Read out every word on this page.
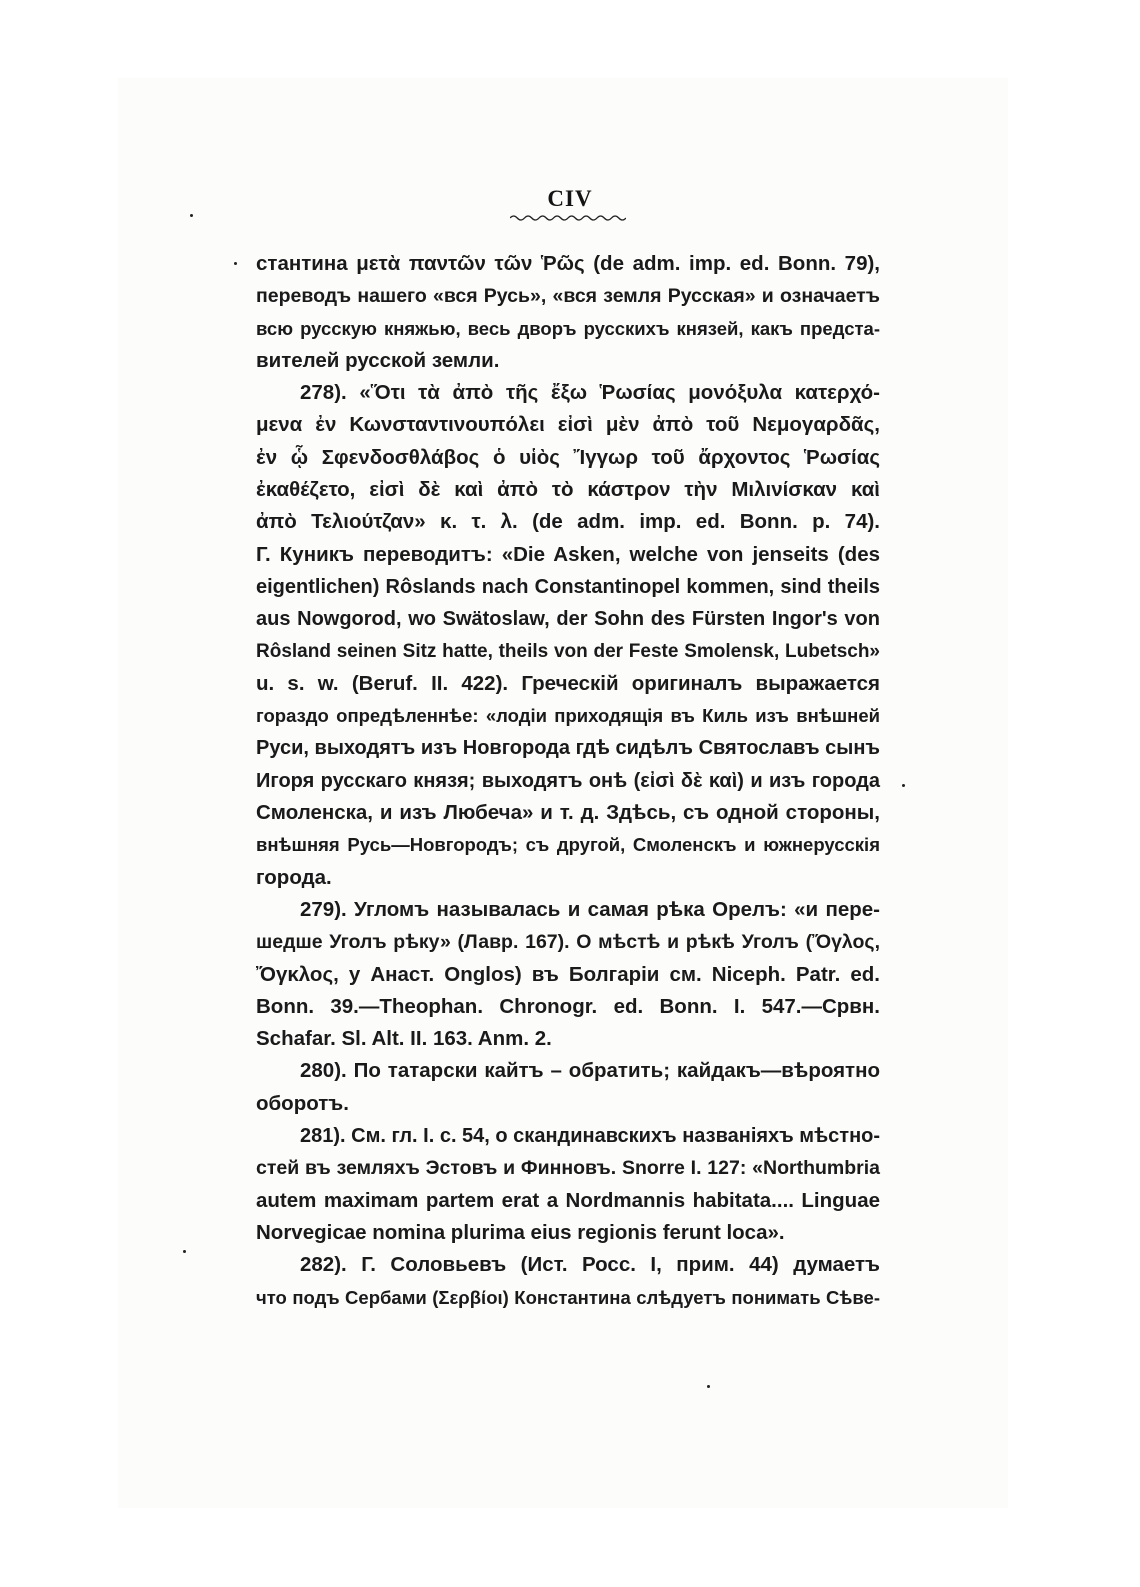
CIV

стантина μετὰ παντῶν τῶν Ῥῶς (de adm. imp. ed. Bonn. 79),
переводъ нашего «вся Русь», «вся земля Русская» и означаетъ
всю русскую княжью, весь дворъ русскихъ князей, какъ предста-
вителей русской земли.

278). «Ὅτι τὰ ἀπὸ τῆς ἔξω Ῥωσίας μονόξυλα κατερχό-
μενα ἐν Κωνσταντινουπόλει εἰσὶ μὲν ἀπὸ τοῦ Νεμογαρδᾶς,
ἐν ᾧ Σφενδοσθλάβος ὁ υἱὸς Ἴγγωρ τοῦ ἄρχοντος Ῥωσίας
ἐκαθέζετο, εἰσὶ δὲ καὶ ἀπὸ τὸ κάστρον τὴν Μιλινίσκαν καὶ
ἀπὸ Τελιούτζαν» κ. τ. λ. (de adm. imp. ed. Bonn. p. 74).
Г. Куникъ переводитъ: «Die Asken, welche von jenseits (des
eigentlichen) Rôslands nach Constantinopel kommen, sind theils
aus Nowgorod, wo Swätoslaw, der Sohn des Fürsten Ingor's von
Rôsland seinen Sitz hatte, theils von der Feste Smolensk, Lubetsch»
u. s. w. (Beruf. II. 422). Греческій оригиналъ выражается
гораздо опредѣленнѣе: «лодіи приходящія въ Киль изъ внѣшней
Руси, выходятъ изъ Новгорода гдѣ сидѣлъ Святославъ сынъ
Игоря русскаго князя; выходятъ онѣ (εἰσὶ δὲ καὶ) и изъ города
Смоленска, и изъ Любеча» и т. д. Здѣсь, съ одной стороны,
внѣшняя Русь—Новгородъ; съ другой, Смоленскъ и южнерусскія
города.

279). Угломъ называлась и самая рѣка Орелъ: «и пере-
шедше Уголъ рѣку» (Лавр. 167). О мѣстѣ и рѣкѣ Уголъ (Ὄγλος,
Ὄγκλος, у Анаст. Onglos) въ Болгаріи см. Niceph. Patr. ed.
Bonn. 39.—Theophan. Chronogr. ed. Bonn. I. 547.—Срвн.
Schafar. Sl. Alt. II. 163. Anm. 2.

280). По татарски кайтъ – обратить; кайдакъ—вѣроятно
оборотъ.

281). См. гл. I. с. 54, о скандинавскихъ названіяхъ мѣстно-
стей въ земляхъ Эстовъ и Финновъ. Snorre I. 127: «Northumbria
autem maximam partem erat a Nordmannis habitata.... Linguae
Norvegicae nomina plurima eius regionis ferunt loca».

282). Г. Соловьевъ (Ист. Росс. I, прим. 44) думаетъ
что подъ Сербами (Σερβίοι) Константина слѣдуетъ понимать Сѣве-
